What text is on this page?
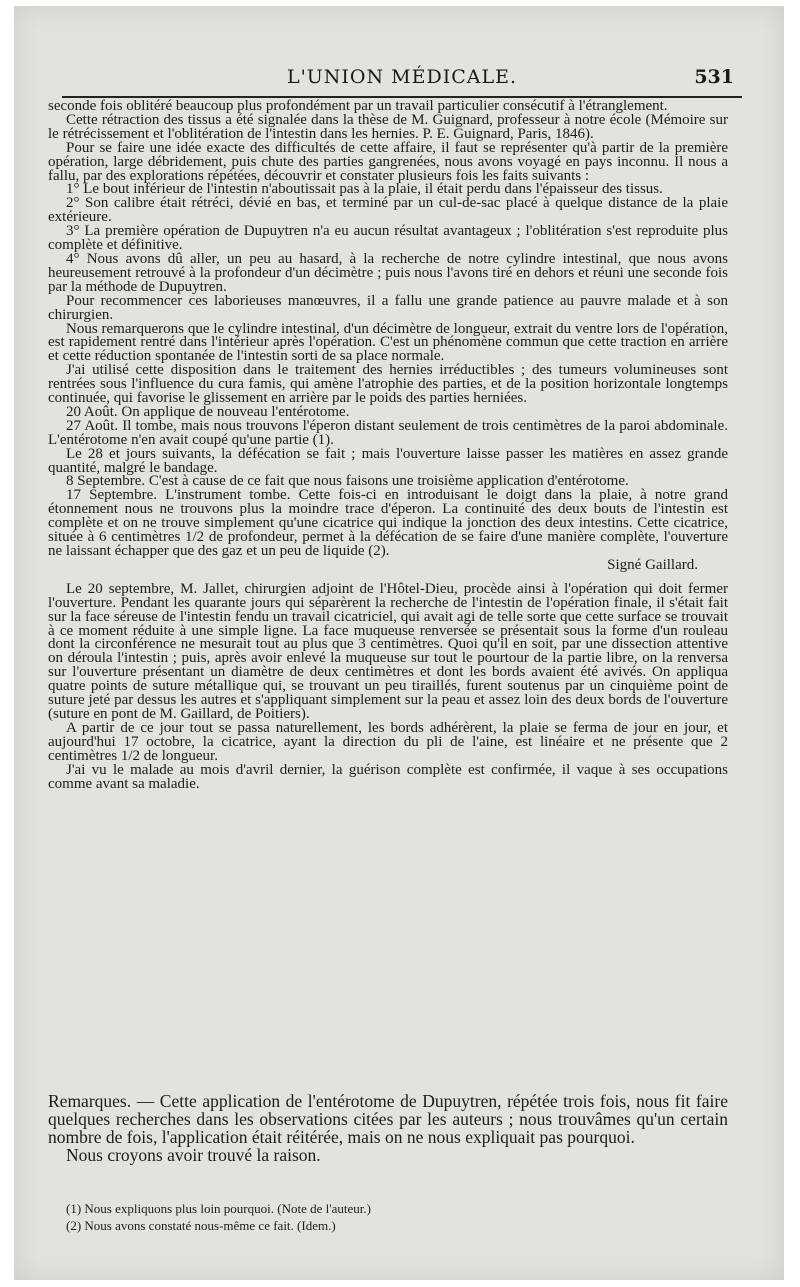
L'UNION MÉDICALE.	531

seconde fois oblitéré beaucoup plus profondément par un travail particulier consécutif à l'étranglement.

Cette rétraction des tissus a été signalée dans la thèse de M. Guignard, professeur à notre école (Mémoire sur le rétrécissement et l'oblitération de l'intestin dans les hernies. P. E. Guignard, Paris, 1846).

Pour se faire une idée exacte des difficultés de cette affaire, il faut se représenter qu'à partir de la première opération, large débridement, puis chute des parties gangrenées, nous avons voyagé en pays inconnu. Il nous a fallu, par des explorations répétées, découvrir et constater plusieurs fois les faits suivants :

1° Le bout inférieur de l'intestin n'aboutissait pas à la plaie, il était perdu dans l'épaisseur des tissus.

2° Son calibre était rétréci, dévié en bas, et terminé par un cul-de-sac placé à quelque distance de la plaie extérieure.

3° La première opération de Dupuytren n'a eu aucun résultat avantageux ; l'oblitération s'est reproduite plus complète et définitive.

4° Nous avons dû aller, un peu au hasard, à la recherche de notre cylindre intestinal, que nous avons heureusement retrouvé à la profondeur d'un décimètre ; puis nous l'avons tiré en dehors et réuni une seconde fois par la méthode de Dupuytren.

Pour recommencer ces laborieuses manœuvres, il a fallu une grande patience au pauvre malade et à son chirurgien.

Nous remarquerons que le cylindre intestinal, d'un décimètre de longueur, extrait du ventre lors de l'opération, est rapidement rentré dans l'intérieur après l'opération. C'est un phénomène commun que cette traction en arrière et cette réduction spontanée de l'intestin sorti de sa place normale.

J'ai utilisé cette disposition dans le traitement des hernies irréductibles ; des tumeurs volumineuses sont rentrées sous l'influence du cura famis, qui amène l'atrophie des parties, et de la position horizontale longtemps continuée, qui favorise le glissement en arrière par le poids des parties herniées.

20 Août. On applique de nouveau l'entérotome.

27 Août. Il tombe, mais nous trouvons l'éperon distant seulement de trois centimètres de la paroi abdominale. L'entérotome n'en avait coupé qu'une partie (1).

Le 28 et jours suivants, la défécation se fait ; mais l'ouverture laisse passer les matières en assez grande quantité, malgré le bandage.

8 Septembre. C'est à cause de ce fait que nous faisons une troisième application d'entérotome.

17 Septembre. L'instrument tombe. Cette fois-ci en introduisant le doigt dans la plaie, à notre grand étonnement nous ne trouvons plus la moindre trace d'éperon. La continuité des deux bouts de l'intestin est complète et on ne trouve simplement qu'une cicatrice qui indique la jonction des deux intestins. Cette cicatrice, située à 6 centimètres 1/2 de profondeur, permet à la défécation de se faire d'une manière complète, l'ouverture ne laissant échapper que des gaz et un peu de liquide (2).

Signé Gaillard.

Le 20 septembre, M. Jallet, chirurgien adjoint de l'Hôtel-Dieu, procède ainsi à l'opération qui doit fermer l'ouverture. Pendant les quarante jours qui séparèrent la recherche de l'intestin de l'opération finale, il s'était fait sur la face séreuse de l'intestin fendu un travail cicatriciel, qui avait agi de telle sorte que cette surface se trouvait à ce moment réduite à une simple ligne. La face muqueuse renversée se présentait sous la forme d'un rouleau dont la circonférence ne mesurait tout au plus que 3 centimètres. Quoi qu'il en soit, par une dissection attentive on déroula l'intestin ; puis, après avoir enlevé la muqueuse sur tout le pourtour de la partie libre, on la renversa sur l'ouverture présentant un diamètre de deux centimètres et dont les bords avaient été avivés. On appliqua quatre points de suture métallique qui, se trouvant un peu tiraillés, furent soutenus par un cinquième point de suture jeté par dessus les autres et s'appliquant simplement sur la peau et assez loin des deux bords de l'ouverture (suture en pont de M. Gaillard, de Poitiers).

A partir de ce jour tout se passa naturellement, les bords adhérèrent, la plaie se ferma de jour en jour, et aujourd'hui 17 octobre, la cicatrice, ayant la direction du pli de l'aine, est linéaire et ne présente que 2 centimètres 1/2 de longueur.

J'ai vu le malade au mois d'avril dernier, la guérison complète est confirmée, il vaque à ses occupations comme avant sa maladie.

Remarques. — Cette application de l'entérotome de Dupuytren, répétée trois fois, nous fit faire quelques recherches dans les observations citées par les auteurs ; nous trouvâmes qu'un certain nombre de fois, l'application était réitérée, mais on ne nous expliquait pas pourquoi.

Nous croyons avoir trouvé la raison.

(1) Nous expliquons plus loin pourquoi. (Note de l'auteur.)
(2) Nous avons constaté nous-même ce fait. (Idem.)
